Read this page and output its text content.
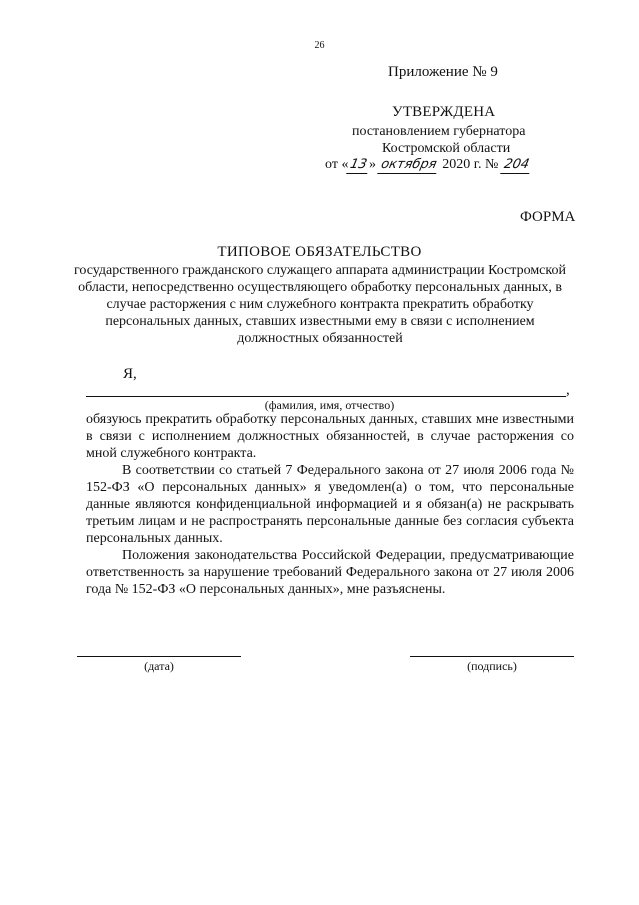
26
Приложение № 9
УТВЕРЖДЕНА
постановлением губернатора
Костромской области
от «13» октября 2020 г. № 204
ФОРМА
ТИПОВОЕ ОБЯЗАТЕЛЬСТВО
государственного гражданского служащего аппарата администрации Костромской области, непосредственно осуществляющего обработку персональных данных, в случае расторжения с ним служебного контракта прекратить обработку персональных данных, ставших известными ему в связи с исполнением должностных обязанностей
Я,
,
(фамилия, имя, отчество)

обязуюсь прекратить обработку персональных данных, ставших мне известными в связи с исполнением должностных обязанностей, в случае расторжения со мной служебного контракта.

В соответствии со статьей 7 Федерального закона от 27 июля 2006 года № 152-ФЗ «О персональных данных» я уведомлен(а) о том, что персональные данные являются конфиденциальной информацией и я обязан(а) не раскрывать третьим лицам и не распространять персональные данные без согласия субъекта персональных данных.

Положения законодательства Российской Федерации, предусматривающие ответственность за нарушение требований Федерального закона от 27 июля 2006 года № 152-ФЗ «О персональных данных», мне разъяснены.

(дата)	(подпись)
